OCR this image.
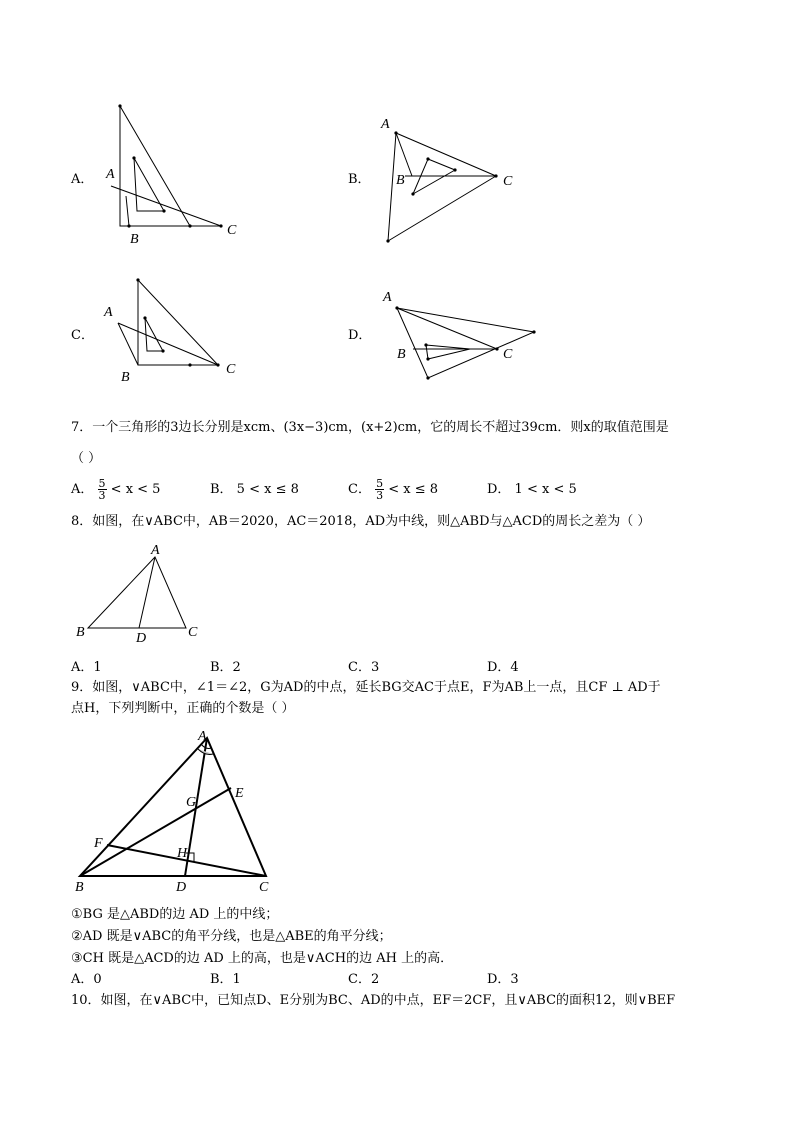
A
B
C
A
B	C
A
B
C
A
B	C
A．	B．
C．	D．
7．一个三角形的3边长分别是xcm、(3x−3)cm，(x+2)cm，它的周长不超过39cm．则x的取值范围是
（ ）
A． $\frac{5}{3} < x < 5$	B． 5 < x ≤ 8	C． $\frac{5}{3} < x \le 8$	D． 1 < x < 5
8．如图，在∨ABC中，AB＝2020，AC＝2018，AD为中线，则△ABD与△ACD的周长之差为（ ）
A
B	D	C
A．1	B．2	C．3	D．4
9．如图，∨ABC中，∠1＝∠2，G为AD的中点，延长BG交AC于点E，F为AB上一点，且CF ⊥ AD于
点H，下列判断中，正确的个数是（ ）
A
E
G
F
H
B	D	C
①BG 是△ABD的边 AD 上的中线；
②AD 既是∨ABC的角平分线，也是△ABE的角平分线；
③CH 既是△ACD的边 AD 上的高，也是∨ACH的边 AH 上的高．
A．0	B．1	C．2	D．3
10．如图，在∨ABC中，已知点D、E分别为BC、AD的中点，EF＝2CF，且∨ABC的面积12，则∨BEF
